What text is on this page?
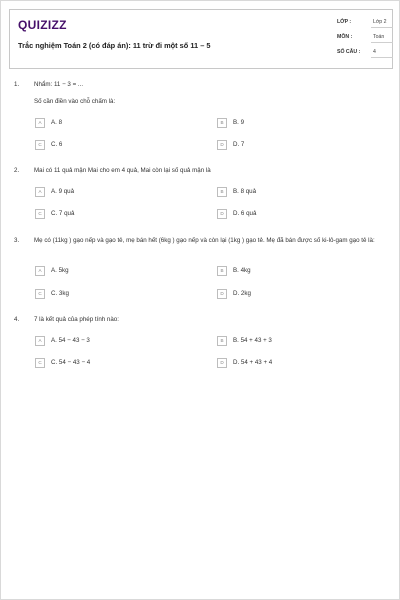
QUIZIZZ
Trắc nghiệm Toán 2 (có đáp án): 11 trừ đi một số 11 – 5
LỚP :	Lớp 2
MÔN :	Toán
SỐ CÂU :	4
1. Nhẩm: 11 − 3 = ...
Số cần điền vào chỗ chấm là:
A	A. 8	B	B. 9
C	C. 6	D	D. 7
2. Mai có 11 quả mận Mai cho em 4 quả, Mai còn lại số quả mận là
A	A. 9 quả	B	B. 8 quả
C	C. 7 quả	D	D. 6 quả
3. Mẹ có (11kg ) gạo nếp và gạo tẻ, mẹ bán hết (6kg ) gạo nếp và còn lại (1kg ) gạo tẻ. Mẹ đã bán được số ki-lô-gam gạo tẻ là:
A	A. 5kg	B	B. 4kg
C	C. 3kg	D	D. 2kg
4. 7 là kết quả của phép tính nào:
A	A. 54 − 43 − 3	B	B. 54 + 43 + 3
C	C. 54 − 43 − 4	D	D. 54 + 43 + 4
